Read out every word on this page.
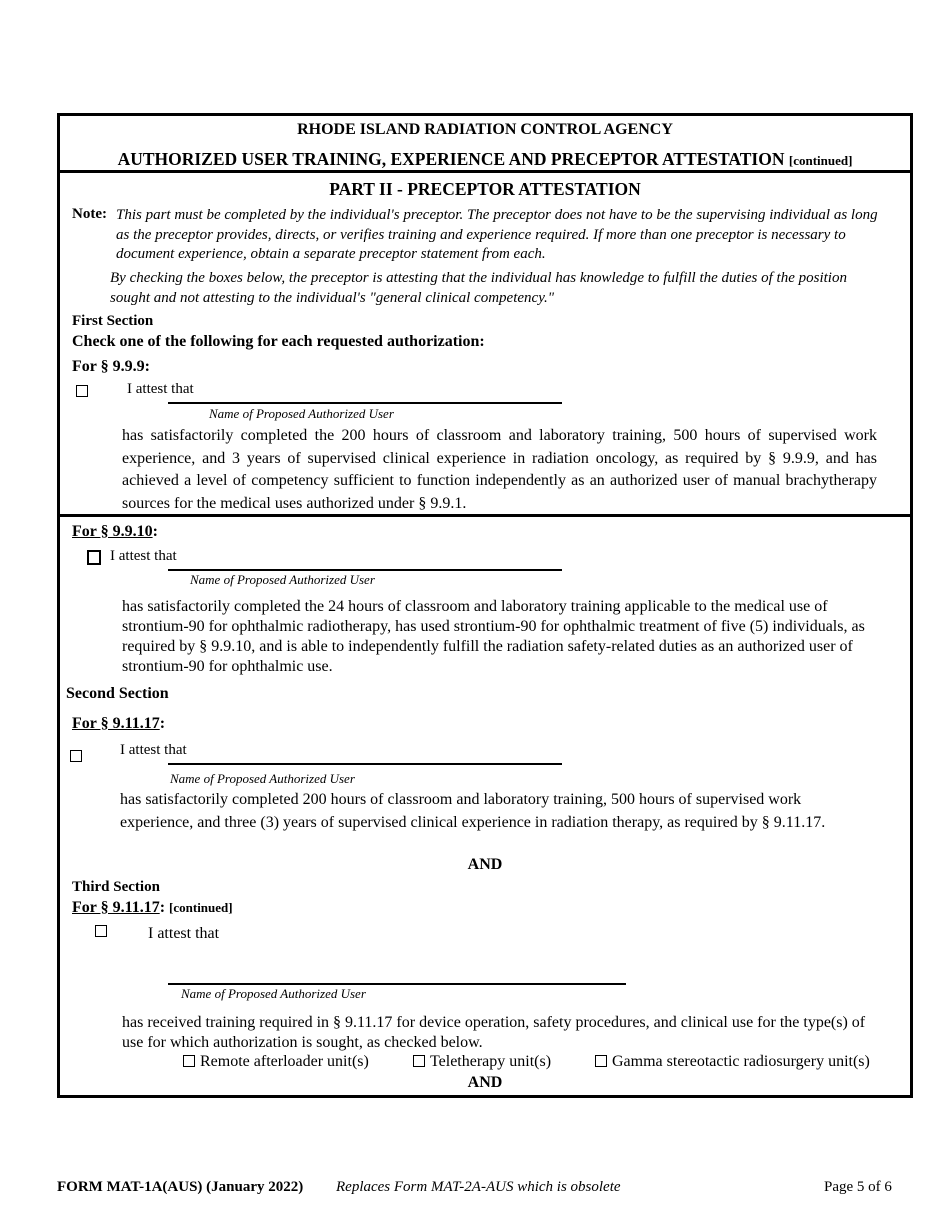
RHODE ISLAND RADIATION CONTROL AGENCY
AUTHORIZED USER TRAINING, EXPERIENCE AND PRECEPTOR ATTESTATION [continued]
PART II - PRECEPTOR ATTESTATION
Note: This part must be completed by the individual's preceptor. The preceptor does not have to be the supervising individual as long as the preceptor provides, directs, or verifies training and experience required. If more than one preceptor is necessary to document experience, obtain a separate preceptor statement from each.
By checking the boxes below, the preceptor is attesting that the individual has knowledge to fulfill the duties of the position sought and not attesting to the individual's "general clinical competency."
First Section
Check one of the following for each requested authorization:
For § 9.9.9:
I attest that
Name of Proposed Authorized User
has satisfactorily completed the 200 hours of classroom and laboratory training, 500 hours of supervised work experience, and 3 years of supervised clinical experience in radiation oncology, as required by § 9.9.9, and has achieved a level of competency sufficient to function independently as an authorized user of manual brachytherapy sources for the medical uses authorized under § 9.9.1.
For § 9.9.10:
I attest that
Name of Proposed Authorized User
has satisfactorily completed the 24 hours of classroom and laboratory training applicable to the medical use of strontium-90 for ophthalmic radiotherapy, has used strontium-90 for ophthalmic treatment of five (5) individuals, as required by § 9.9.10, and is able to independently fulfill the radiation safety-related duties as an authorized user of strontium-90 for ophthalmic use.
Second Section
For § 9.11.17:
I attest that
Name of Proposed Authorized User
has satisfactorily completed 200 hours of classroom and laboratory training, 500 hours of supervised work experience, and three (3) years of supervised clinical experience in radiation therapy, as required by § 9.11.17.
AND
Third Section
For § 9.11.17: [continued]
I attest that
Name of Proposed Authorized User
has received training required in § 9.11.17 for device operation, safety procedures, and clinical use for the type(s) of use for which authorization is sought, as checked below.
Remote afterloader unit(s)	Teletherapy unit(s)	Gamma stereotactic radiosurgery unit(s)
AND
FORM MAT-1A(AUS) (January 2022) Replaces Form MAT-2A-AUS which is obsolete	Page 5 of 6
